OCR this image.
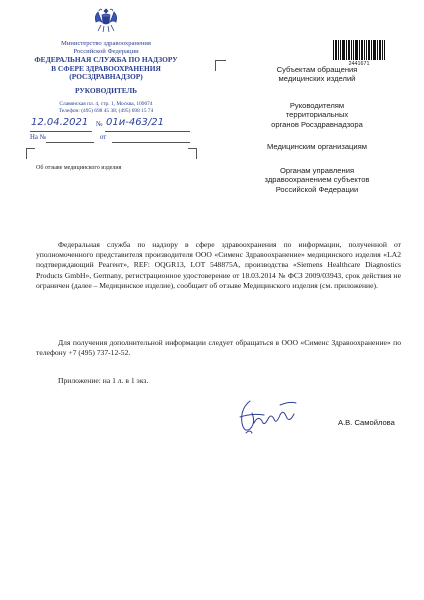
Министерство здравоохранения
Российской Федерации
ФЕДЕРАЛЬНАЯ СЛУЖБА ПО НАДЗОРУ
В СФЕРЕ ЗДРАВООХРАНЕНИЯ
(РОСЗДРАВНАДЗОР)
РУКОВОДИТЕЛЬ
Славянская пл. 4, стр. 1, Москва, 109074
Телефон: (495) 698 45 38; (495) 698 15 74
12.04.2021 № 01и-463/21
На №	от
Об отзыве медицинского изделия
2441671
Субъектам обращения
медицинских изделий
Руководителям
территориальных
органов Росздравнадзора
Медицинским организациям
Органам управления
здравоохранением субъектов
Российской Федерации
Федеральная служба по надзору в сфере здравоохранения по информации, полученной от уполномоченного представителя производителя ООО «Сименс Здравоохранение» медицинского изделия «LA2 подтверждающий Реагент», REF: OQGR13, LOT 548875A, производства «Siemens Healthcare Diagnostics Products GmbH», Germany, регистрационное удостоверение от 18.03.2014 № ФСЗ 2009/03943, срок действия не ограничен (далее – Медицинское изделие), сообщает об отзыве Медицинского изделия (см. приложение).
Для получения дополнительной информации следует обращаться в ООО «Сименс Здравоохранение» по телефону +7 (495) 737-12-52.
Приложение: на 1 л. в 1 экз.
А.В. Самойлова
